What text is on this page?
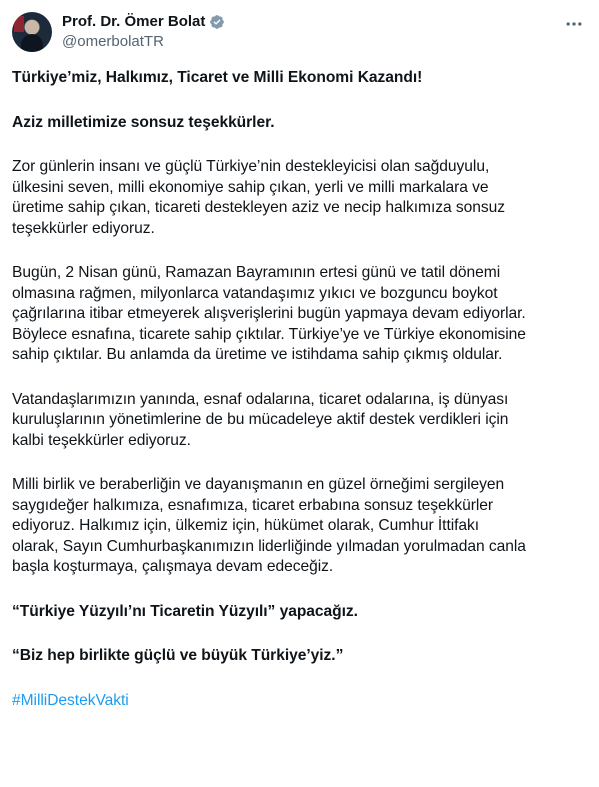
Prof. Dr. Ömer Bolat
@omerbolatTR

Türkiye’miz, Halkımız, Ticaret ve Milli Ekonomi Kazandı!

Aziz milletimize sonsuz teşekkürler.

Zor günlerin insanı ve güçlü Türkiye’nin destekleyicisi olan sağduyulu,
ülkesini seven, milli ekonomiye sahip çıkan, yerli ve milli markalara ve
üretime sahip çıkan, ticareti destekleyen aziz ve necip halkımıza sonsuz
teşekkürler ediyoruz.

Bugün, 2 Nisan günü, Ramazan Bayramının ertesi günü ve tatil dönemi
olmasına rağmen, milyonlarca vatandaşımız yıkıcı ve bozguncu boykot
çağrılarına itibar etmeyerek alışverişlerini bugün yapmaya devam ediyorlar.
Böylece esnafına, ticarete sahip çıktılar. Türkiye’ye ve Türkiye ekonomisine
sahip çıktılar. Bu anlamda da üretime ve istihdama sahip çıkmış oldular.

Vatandaşlarımızın yanında, esnaf odalarına, ticaret odalarına, iş dünyası
kuruluşlarının yönetimlerine de bu mücadeleye aktif destek verdikleri için
kalbi teşekkürler ediyoruz.

Milli birlik ve beraberliğin ve dayanışmanın en güzel örneğimi sergileyen
saygıdeğer halkımıza, esnafımıza, ticaret erbabına sonsuz teşekkürler
ediyoruz. Halkımız için, ülkemiz için, hükümet olarak, Cumhur İttifakı
olarak, Sayın Cumhurbaşkanımızın liderliğinde yılmadan yorulmadan canla
başla koşturmaya, çalışmaya devam edeceğiz.

“Türkiye Yüzyılı’nı Ticaretin Yüzyılı” yapacağız.

“Biz hep birlikte güçlü ve büyük Türkiye’yiz.”

#MilliDestekVakti
